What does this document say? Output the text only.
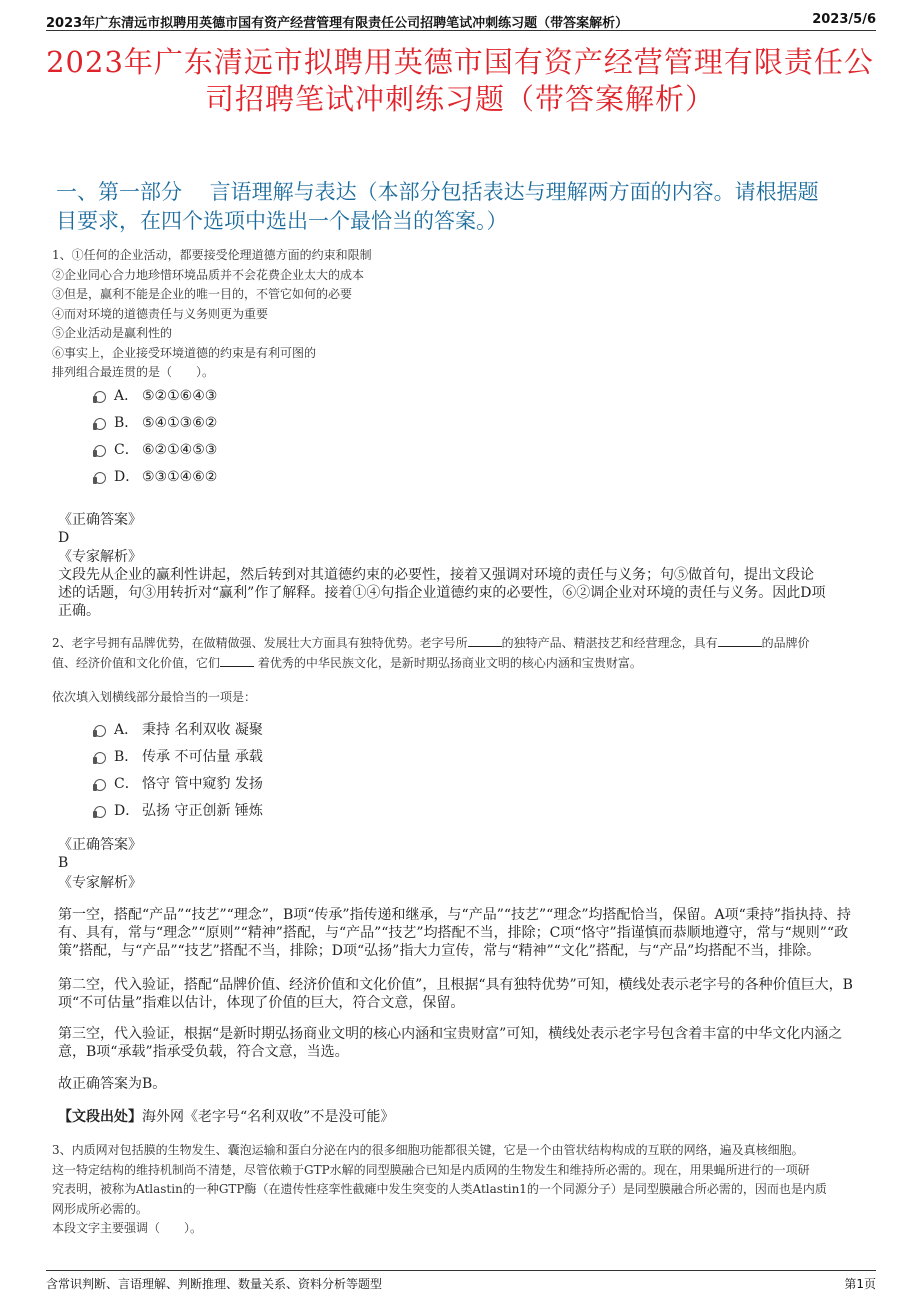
2023年广东清远市拟聘用英德市国有资产经营管理有限责任公司招聘笔试冲刺练习题（带答案解析）	2023/5/6
2023年广东清远市拟聘用英德市国有资产经营管理有限责任公
司招聘笔试冲刺练习题（带答案解析）
一、第一部分　 言语理解与表达（本部分包括表达与理解两方面的内容。请根据题
目要求，在四个选项中选出一个最恰当的答案。）
1、①任何的企业活动，都要接受伦理道德方面的约束和限制
②企业同心合力地珍惜环境品质并不会花费企业太大的成本
③但是，赢利不能是企业的唯一目的，不管它如何的必要
④而对环境的道德责任与义务则更为重要
⑤企业活动是赢利性的
⑥事实上，企业接受环境道德的约束是有利可图的
排列组合最连贯的是（　　）。
A． ⑤②①⑥④③
B． ⑤④①③⑥②
C． ⑥②①④⑤③
D． ⑤③①④⑥②
《正确答案》
D
《专家解析》
文段先从企业的赢利性讲起，然后转到对其道德约束的必要性，接着又强调对环境的责任与义务；句⑤做首句，提出文段论
述的话题，句③用转折对“赢利”作了解释。接着①④句指企业道德约束的必要性，⑥②调企业对环境的责任与义务。因此D项
正确。
2、老字号拥有品牌优势，在做精做强、发展壮大方面具有独特优势。老字号所	的独特产品、精湛技艺和经营理念，具有	的品牌价
值、经济价值和文化价值，它们	着优秀的中华民族文化，是新时期弘扬商业文明的核心内涵和宝贵财富。
依次填入划横线部分最恰当的一项是：
A． 秉持 名利双收 凝聚
B． 传承 不可估量 承载
C． 恪守 管中窥豹 发扬
D． 弘扬 守正创新 锤炼
《正确答案》
B
《专家解析》
第一空，搭配“产品”“技艺”“理念”，B项“传承”指传递和继承，与“产品”“技艺”“理念”均搭配恰当，保留。A项“秉持”指执持、持有、具有，常与“理念”“原则”“精神”搭配，与“产品”“技艺”均搭配不当，排除；C项“恪守”指谨慎而恭顺地遵守，常与“规则”“政策”搭配，与“产品”“技艺”搭配不当，排除；D项“弘扬”指大力宣传，常与“精神”“文化”搭配，与“产品”均搭配不当，排除。
第二空，代入验证，搭配“品牌价值、经济价值和文化价值”，且根据“具有独特优势”可知，横线处表示老字号的各种价值巨大，B项“不可估量”指难以估计，体现了价值的巨大，符合文意，保留。
第三空，代入验证，根据“是新时期弘扬商业文明的核心内涵和宝贵财富”可知，横线处表示老字号包含着丰富的中华文化内涵之意，B项“承载”指承受负载，符合文意，当选。
故正确答案为B。
【文段出处】海外网《老字号“名利双收”不是没可能》
3、内质网对包括膜的生物发生、囊泡运输和蛋白分泌在内的很多细胞功能都很关键，它是一个由管状结构构成的互联的网络，遍及真核细胞。
这一特定结构的维持机制尚不清楚，尽管依赖于GTP水解的同型膜融合已知是内质网的生物发生和维持所必需的。现在，用果蝇所进行的一项研
究表明，被称为Atlastin的一种GTP酶（在遗传性痉挛性截瘫中发生突变的人类Atlastin1的一个同源分子）是同型膜融合所必需的，因而也是内质
网形成所必需的。
本段文字主要强调（　　）。
含常识判断、言语理解、判断推理、数量关系、资料分析等题型	第1页
